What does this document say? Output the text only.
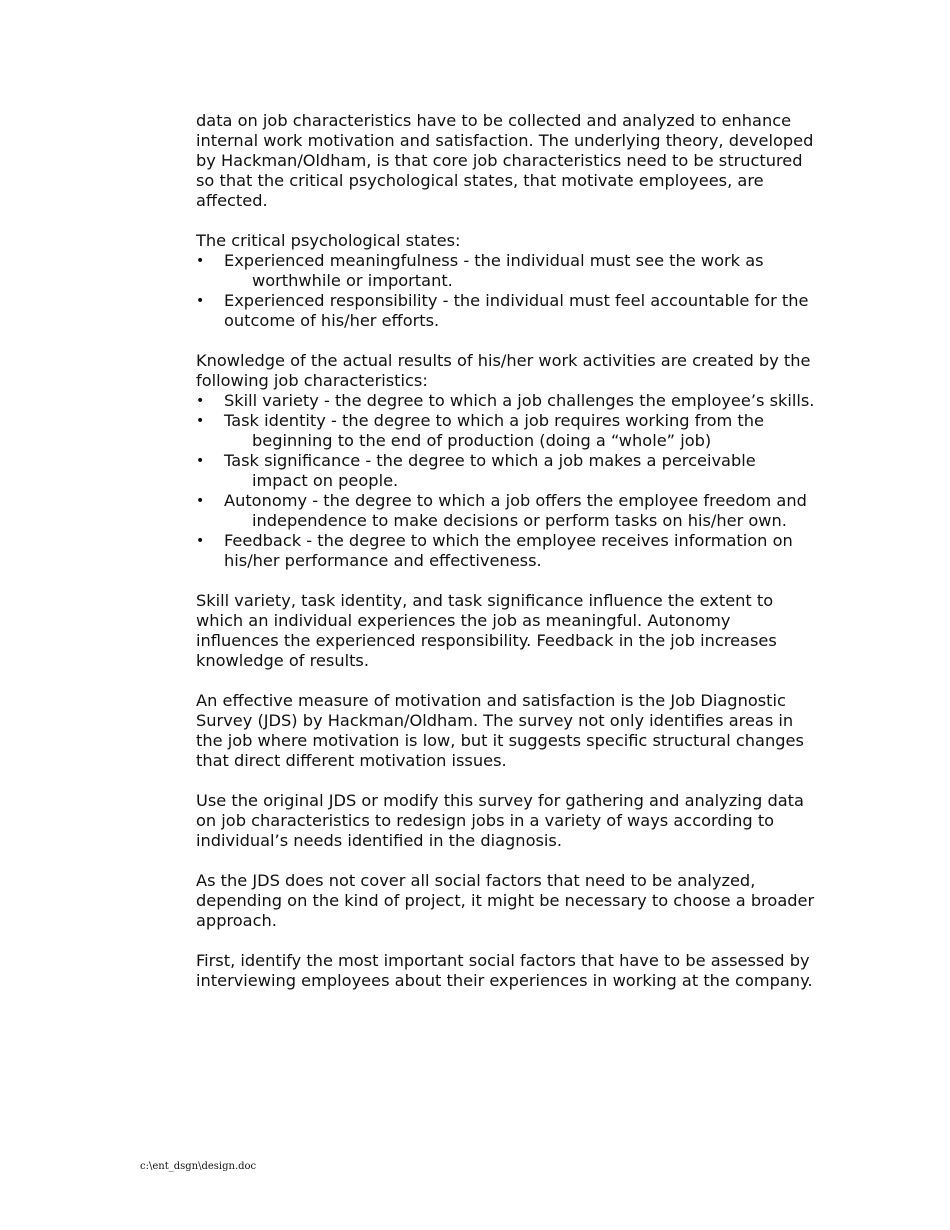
data on job characteristics have to be collected and analyzed to enhance internal work motivation and satisfaction. The underlying theory, developed by Hackman/Oldham, is that core job characteristics need to be structured so that the critical psychological states, that motivate employees, are affected.

The critical psychological states:

• Experienced meaningfulness - the individual must see the work as worthwhile or important.
• Experienced responsibility - the individual must feel accountable for the outcome of his/her efforts.

Knowledge of the actual results of his/her work activities are created by the following job characteristics:

• Skill variety - the degree to which a job challenges the employee’s skills.
• Task identity - the degree to which a job requires working from the beginning to the end of production (doing a “whole” job)
• Task significance - the degree to which a job makes a perceivable impact on people.
• Autonomy - the degree to which a job offers the employee freedom and independence to make decisions or perform tasks on his/her own.
• Feedback - the degree to which the employee receives information on his/her performance and effectiveness.

Skill variety, task identity, and task significance influence the extent to which an individual experiences the job as meaningful. Autonomy influences the experienced responsibility. Feedback in the job increases knowledge of results.

An effective measure of motivation and satisfaction is the Job Diagnostic Survey (JDS) by Hackman/Oldham. The survey not only identifies areas in the job where motivation is low, but it suggests specific structural changes that direct different motivation issues.

Use the original JDS or modify this survey for gathering and analyzing data on job characteristics to redesign jobs in a variety of ways according to individual’s needs identified in the diagnosis.

As the JDS does not cover all social factors that need to be analyzed, depending on the kind of project, it might be necessary to choose a broader approach.

First, identify the most important social factors that have to be assessed by interviewing employees about their experiences in working at the company.

c:\ent_dsgn\design.doc
